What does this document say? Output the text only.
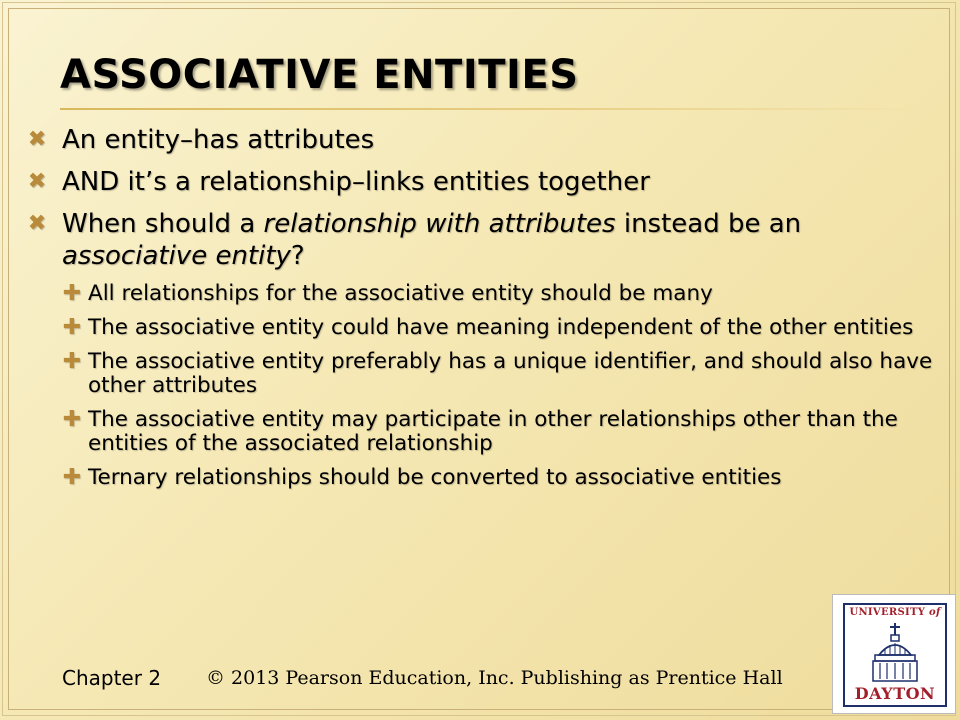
ASSOCIATIVE ENTITIES

✖ An entity–has attributes

✖ AND it’s a relationship–links entities together

✖ When should a relationship with attributes instead be an associative entity?

✚ All relationships for the associative entity should be many

✚ The associative entity could have meaning independent of the other entities

✚ The associative entity preferably has a unique identifier, and should also have other attributes

✚ The associative entity may participate in other relationships other than the entities of the associated relationship

✚ Ternary relationships should be converted to associative entities

Chapter 2 © 2013 Pearson Education, Inc. Publishing as Prentice Hall
UNIVERSITY of
DAYTON
